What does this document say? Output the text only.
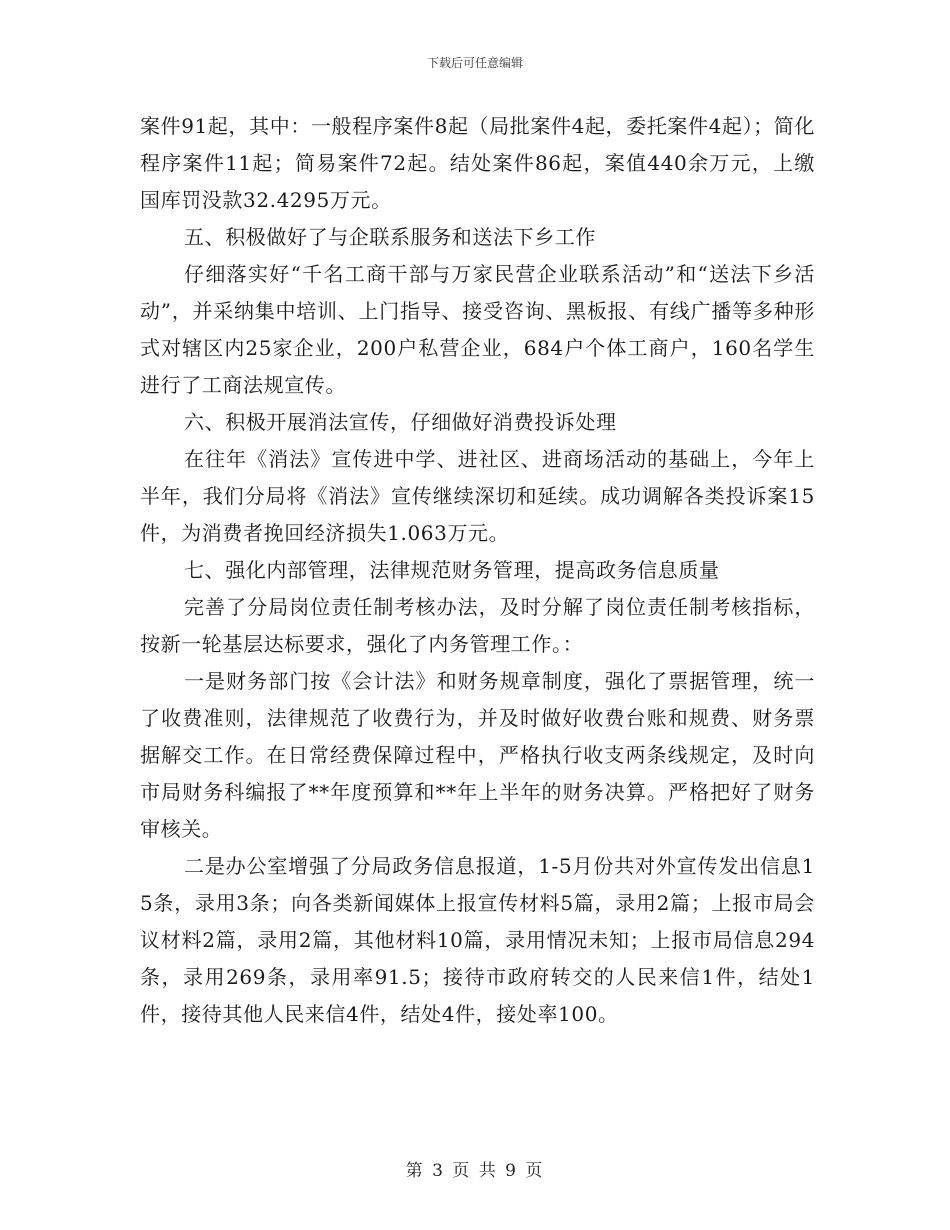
下载后可任意编辑

案件91起，其中：一般程序案件8起（局批案件4起，委托案件4起）；简化程序案件11起；简易案件72起。结处案件86起，案值440余万元，上缴国库罚没款32.4295万元。

五、积极做好了与企联系服务和送法下乡工作

仔细落实好“千名工商干部与万家民营企业联系活动”和“送法下乡活动”，并采纳集中培训、上门指导、接受咨询、黑板报、有线广播等多种形式对辖区内25家企业，200户私营企业，684户个体工商户，160名学生进行了工商法规宣传。

六、积极开展消法宣传，仔细做好消费投诉处理

在往年《消法》宣传进中学、进社区、进商场活动的基础上，今年上半年，我们分局将《消法》宣传继续深切和延续。成功调解各类投诉案15件，为消费者挽回经济损失1.063万元。

七、强化内部管理，法律规范财务管理，提高政务信息质量

完善了分局岗位责任制考核办法，及时分解了岗位责任制考核指标，按新一轮基层达标要求，强化了内务管理工作。：

一是财务部门按《会计法》和财务规章制度，强化了票据管理，统一了收费准则，法律规范了收费行为，并及时做好收费台账和规费、财务票据解交工作。在日常经费保障过程中，严格执行收支两条线规定，及时向市局财务科编报了**年度预算和**年上半年的财务决算。严格把好了财务审核关。

二是办公室增强了分局政务信息报道，1-5月份共对外宣传发出信息15条，录用3条；向各类新闻媒体上报宣传材料5篇，录用2篇；上报市局会议材料2篇，录用2篇，其他材料10篇，录用情况未知；上报市局信息294条，录用269条，录用率91.5；接待市政府转交的人民来信1件，结处1件，接待其他人民来信4件，结处4件，接处率100。

第 3 页 共 9 页
